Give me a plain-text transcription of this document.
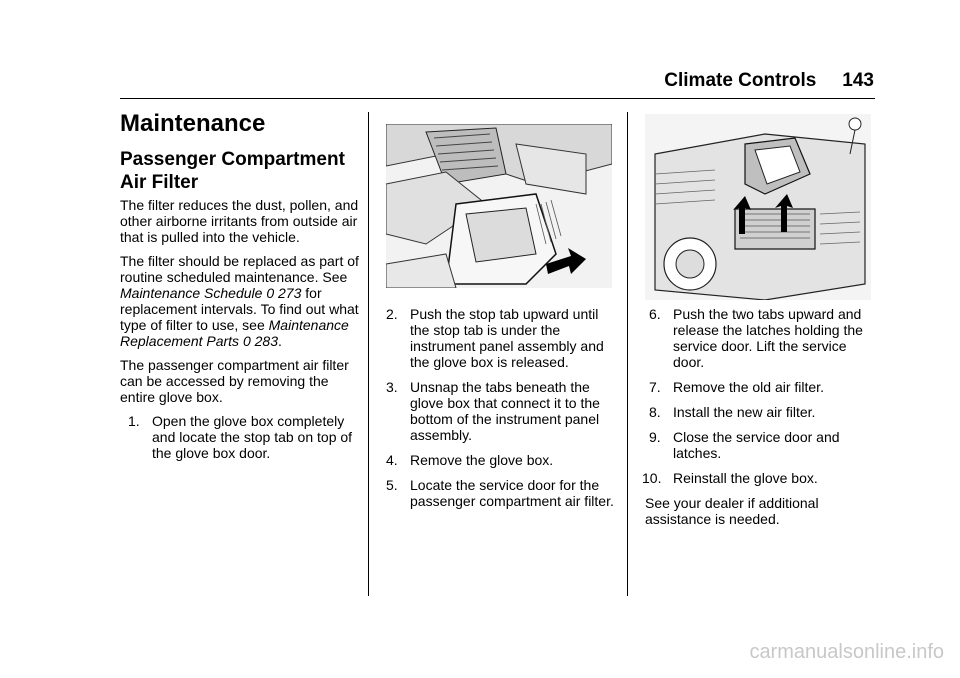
Climate Controls 143
Maintenance
Passenger Compartment Air Filter

The filter reduces the dust, pollen, and other airborne irritants from outside air that is pulled into the vehicle.

The filter should be replaced as part of routine scheduled maintenance. See Maintenance Schedule 0 273 for replacement intervals. To find out what type of filter to use, see Maintenance Replacement Parts 0 283.

The passenger compartment air filter can be accessed by removing the entire glove box.

1. Open the glove box completely and locate the stop tab on top of the glove box door.
2. Push the stop tab upward until the stop tab is under the instrument panel assembly and the glove box is released.
3. Unsnap the tabs beneath the glove box that connect it to the bottom of the instrument panel assembly.
4. Remove the glove box.
5. Locate the service door for the passenger compartment air filter.
6. Push the two tabs upward and release the latches holding the service door. Lift the service door.
7. Remove the old air filter.
8. Install the new air filter.
9. Close the service door and latches.
10. Reinstall the glove box.

See your dealer if additional assistance is needed.

carmanualsonline.info
